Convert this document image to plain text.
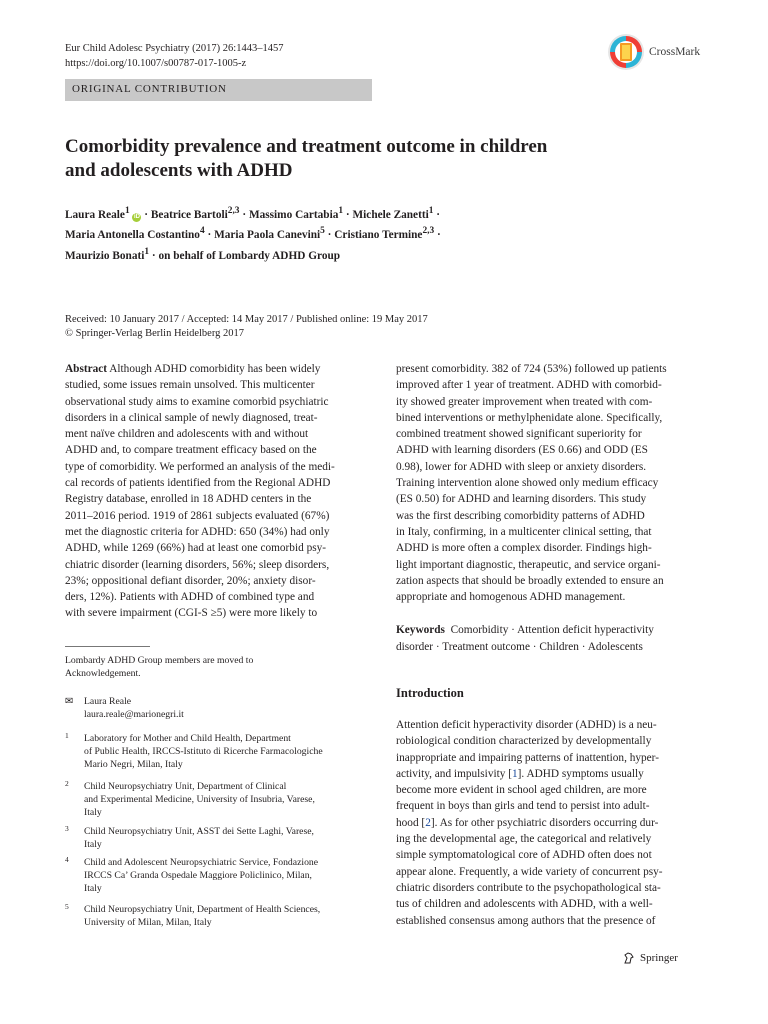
Eur Child Adolesc Psychiatry (2017) 26:1443–1457
https://doi.org/10.1007/s00787-017-1005-z
CrossMark
ORIGINAL CONTRIBUTION
Comorbidity prevalence and treatment outcome in children
and adolescents with ADHD
Laura Reale$^1$ iD · Beatrice Bartoli$^{2,3}$ · Massimo Cartabia$^1$ · Michele Zanetti$^1$ ·
Maria Antonella Costantino$^4$ · Maria Paola Canevini$^5$ · Cristiano Termine$^{2,3}$ ·
Maurizio Bonati$^1$ · on behalf of Lombardy ADHD Group
Received: 10 January 2017 / Accepted: 14 May 2017 / Published online: 19 May 2017
© Springer-Verlag Berlin Heidelberg 2017
Abstract Although ADHD comorbidity has been widely
studied, some issues remain unsolved. This multicenter
observational study aims to examine comorbid psychiatric
disorders in a clinical sample of newly diagnosed, treat-
ment naïve children and adolescents with and without
ADHD and, to compare treatment efficacy based on the
type of comorbidity. We performed an analysis of the medi-
cal records of patients identified from the Regional ADHD
Registry database, enrolled in 18 ADHD centers in the
2011–2016 period. 1919 of 2861 subjects evaluated (67%)
met the diagnostic criteria for ADHD: 650 (34%) had only
ADHD, while 1269 (66%) had at least one comorbid psy-
chiatric disorder (learning disorders, 56%; sleep disorders,
23%; oppositional defiant disorder, 20%; anxiety disor-
ders, 12%). Patients with ADHD of combined type and
with severe impairment (CGI-S ≥5) were more likely to
present comorbidity. 382 of 724 (53%) followed up patients
improved after 1 year of treatment. ADHD with comorbid-
ity showed greater improvement when treated with com-
bined interventions or methylphenidate alone. Specifically,
combined treatment showed significant superiority for
ADHD with learning disorders (ES 0.66) and ODD (ES
0.98), lower for ADHD with sleep or anxiety disorders.
Training intervention alone showed only medium efficacy
(ES 0.50) for ADHD and learning disorders. This study
was the first describing comorbidity patterns of ADHD
in Italy, confirming, in a multicenter clinical setting, that
ADHD is more often a complex disorder. Findings high-
light important diagnostic, therapeutic, and service organi-
zation aspects that should be broadly extended to ensure an
appropriate and homogenous ADHD management.
Keywords Comorbidity · Attention deficit hyperactivity
disorder · Treatment outcome · Children · Adolescents
Lombardy ADHD Group members are moved to
Acknowledgement.
✉ Laura Reale
laura.reale@marionegri.it
1 Laboratory for Mother and Child Health, Department
of Public Health, IRCCS-Istituto di Ricerche Farmacologiche
Mario Negri, Milan, Italy
2 Child Neuropsychiatry Unit, Department of Clinical
and Experimental Medicine, University of Insubria, Varese,
Italy
3 Child Neuropsychiatry Unit, ASST dei Sette Laghi, Varese,
Italy
4 Child and Adolescent Neuropsychiatric Service, Fondazione
IRCCS Ca’ Granda Ospedale Maggiore Policlinico, Milan,
Italy
5 Child Neuropsychiatry Unit, Department of Health Sciences,
University of Milan, Milan, Italy
Introduction
Attention deficit hyperactivity disorder (ADHD) is a neu-
robiological condition characterized by developmentally
inappropriate and impairing patterns of inattention, hyper-
activity, and impulsivity [1]. ADHD symptoms usually
become more evident in school aged children, are more
frequent in boys than girls and tend to persist into adult-
hood [2]. As for other psychiatric disorders occurring dur-
ing the developmental age, the categorical and relatively
simple symptomatological core of ADHD often does not
appear alone. Frequently, a wide variety of concurrent psy-
chiatric disorders contribute to the psychopathological sta-
tus of children and adolescents with ADHD, with a well-
established consensus among authors that the presence of
Springer
